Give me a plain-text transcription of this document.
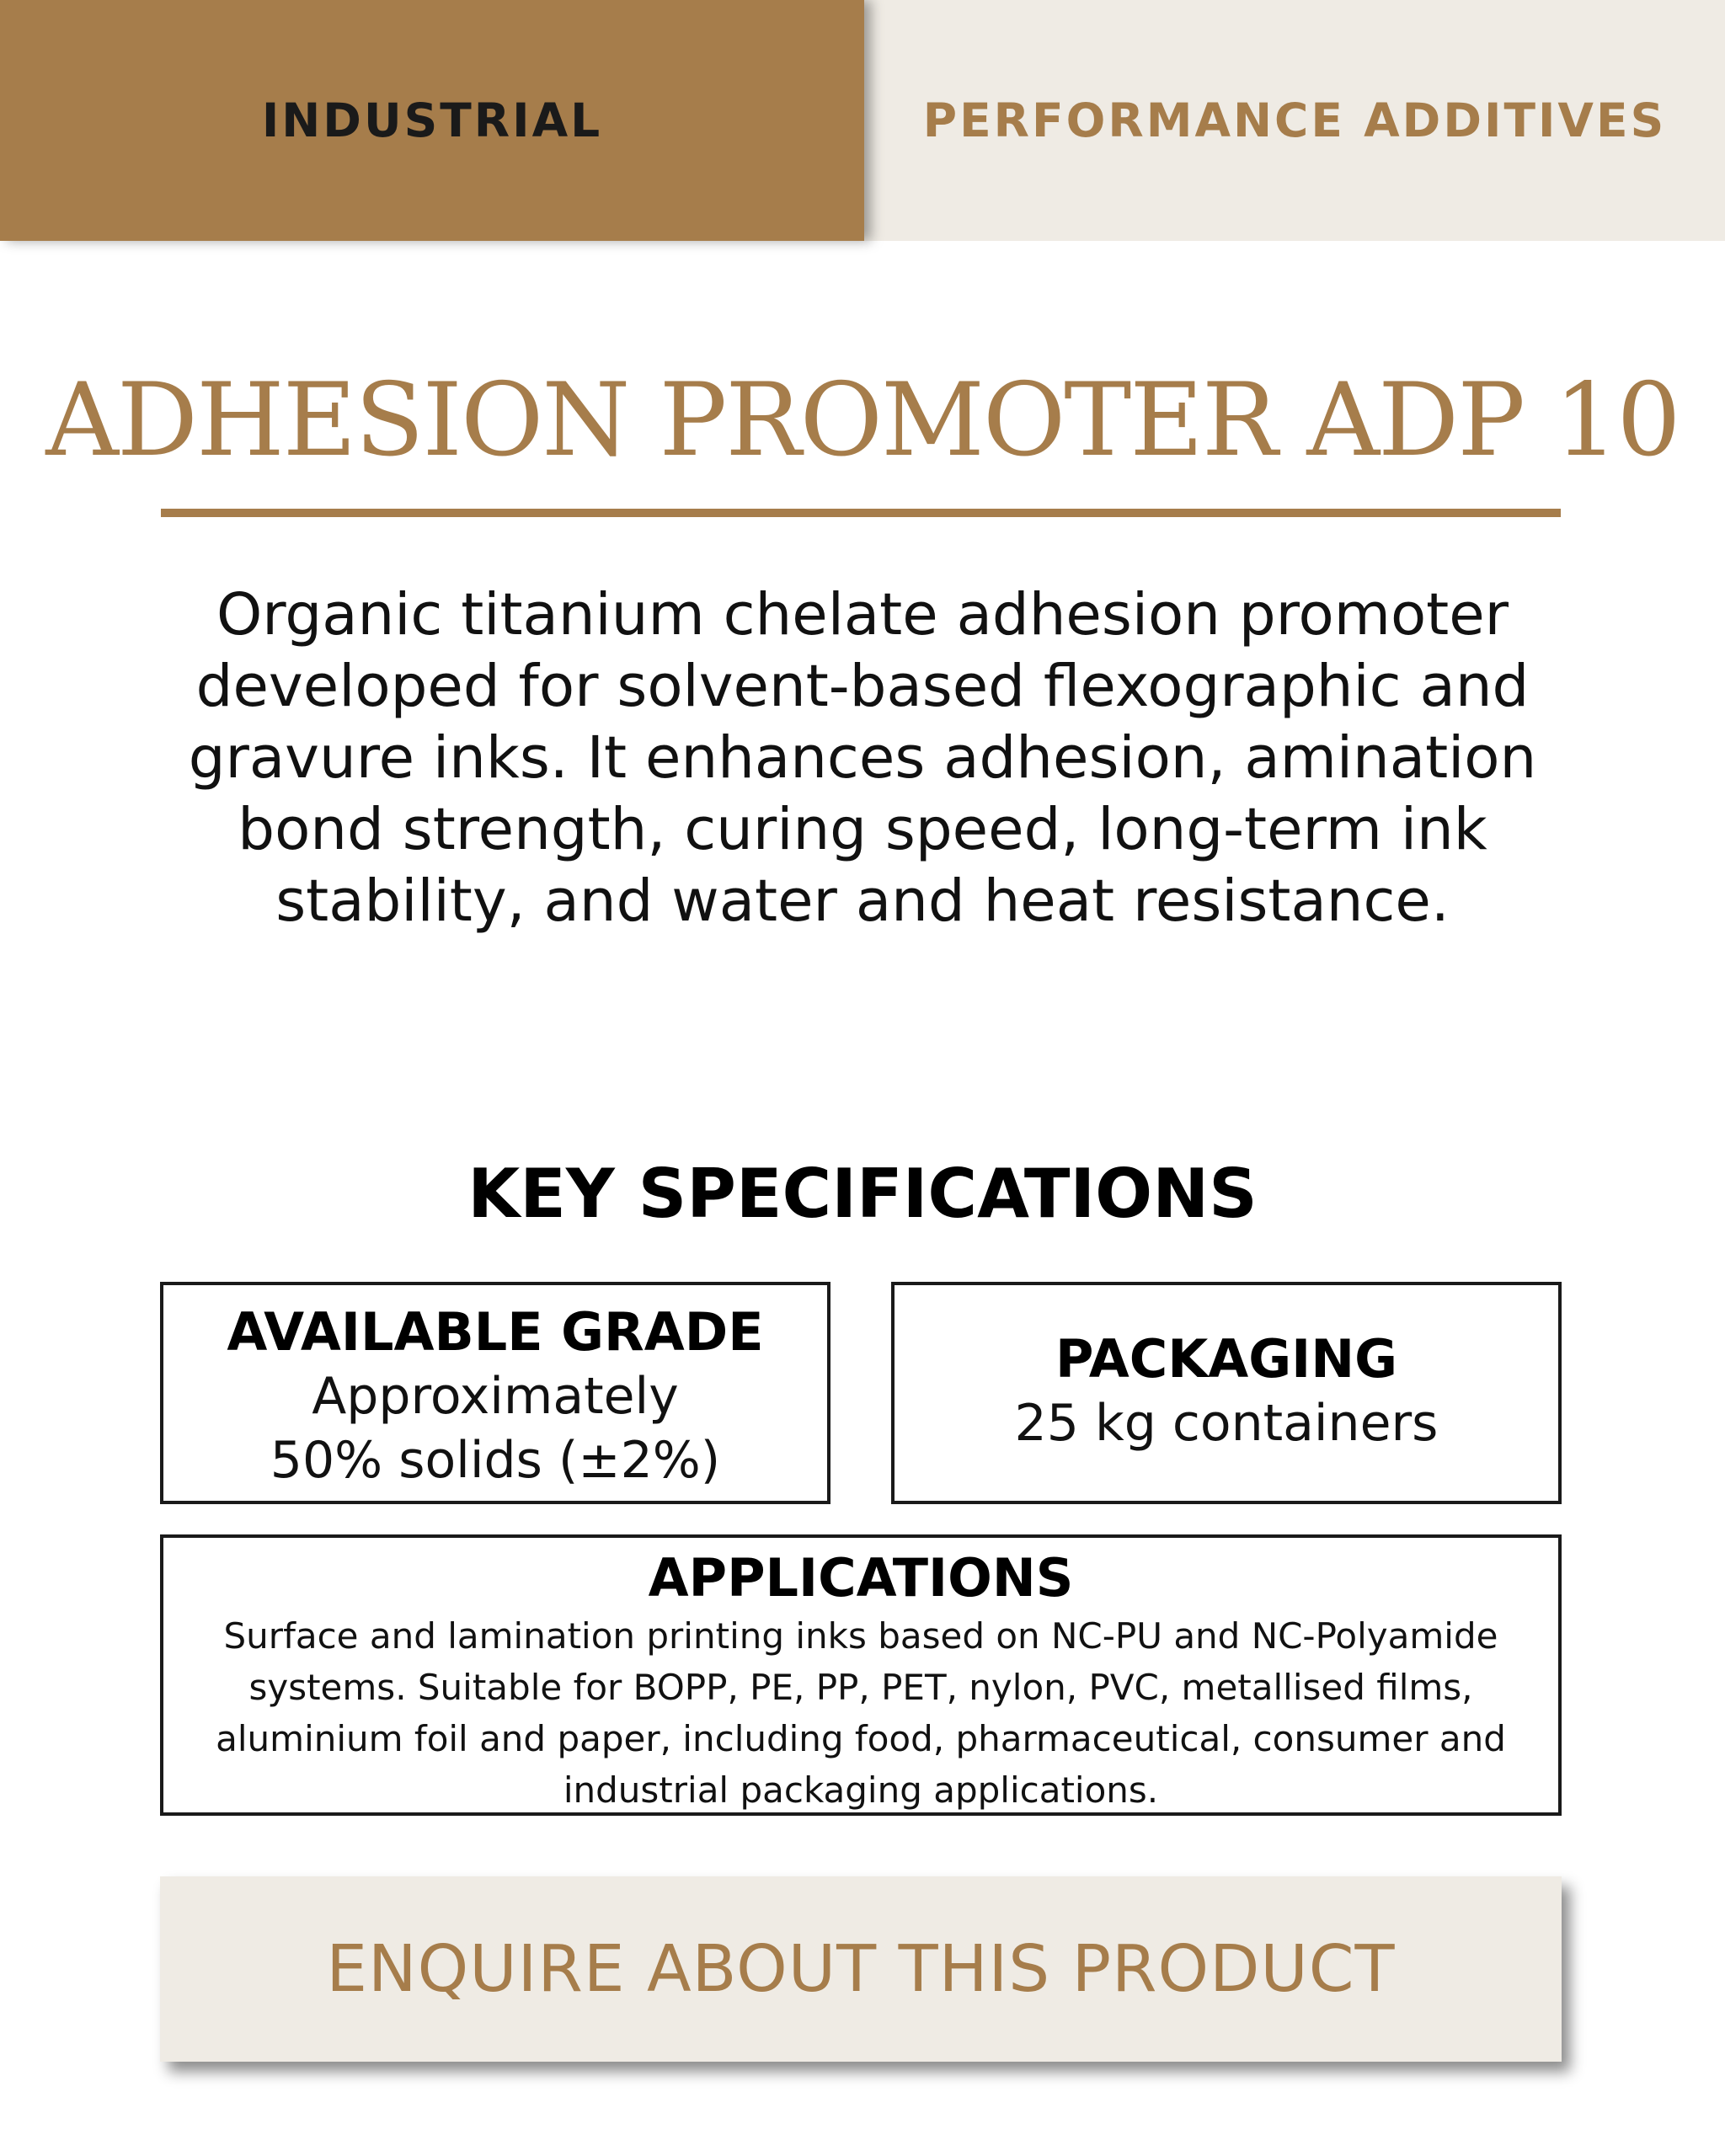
INDUSTRIAL	PERFORMANCE ADDITIVES
ADHESION PROMOTER ADP 10

Organic titanium chelate adhesion promoter developed for solvent-based flexographic and gravure inks. It enhances adhesion, amination bond strength, curing speed, long-term ink stability, and water and heat resistance.

KEY SPECIFICATIONS
AVAILABLE GRADE
Approximately 50% solids (±2%)
PACKAGING
25 kg containers
APPLICATIONS
Surface and lamination printing inks based on NC-PU and NC-Polyamide systems. Suitable for BOPP, PE, PP, PET, nylon, PVC, metallised films, aluminium foil and paper, including food, pharmaceutical, consumer and industrial packaging applications.
ENQUIRE ABOUT THIS PRODUCT
